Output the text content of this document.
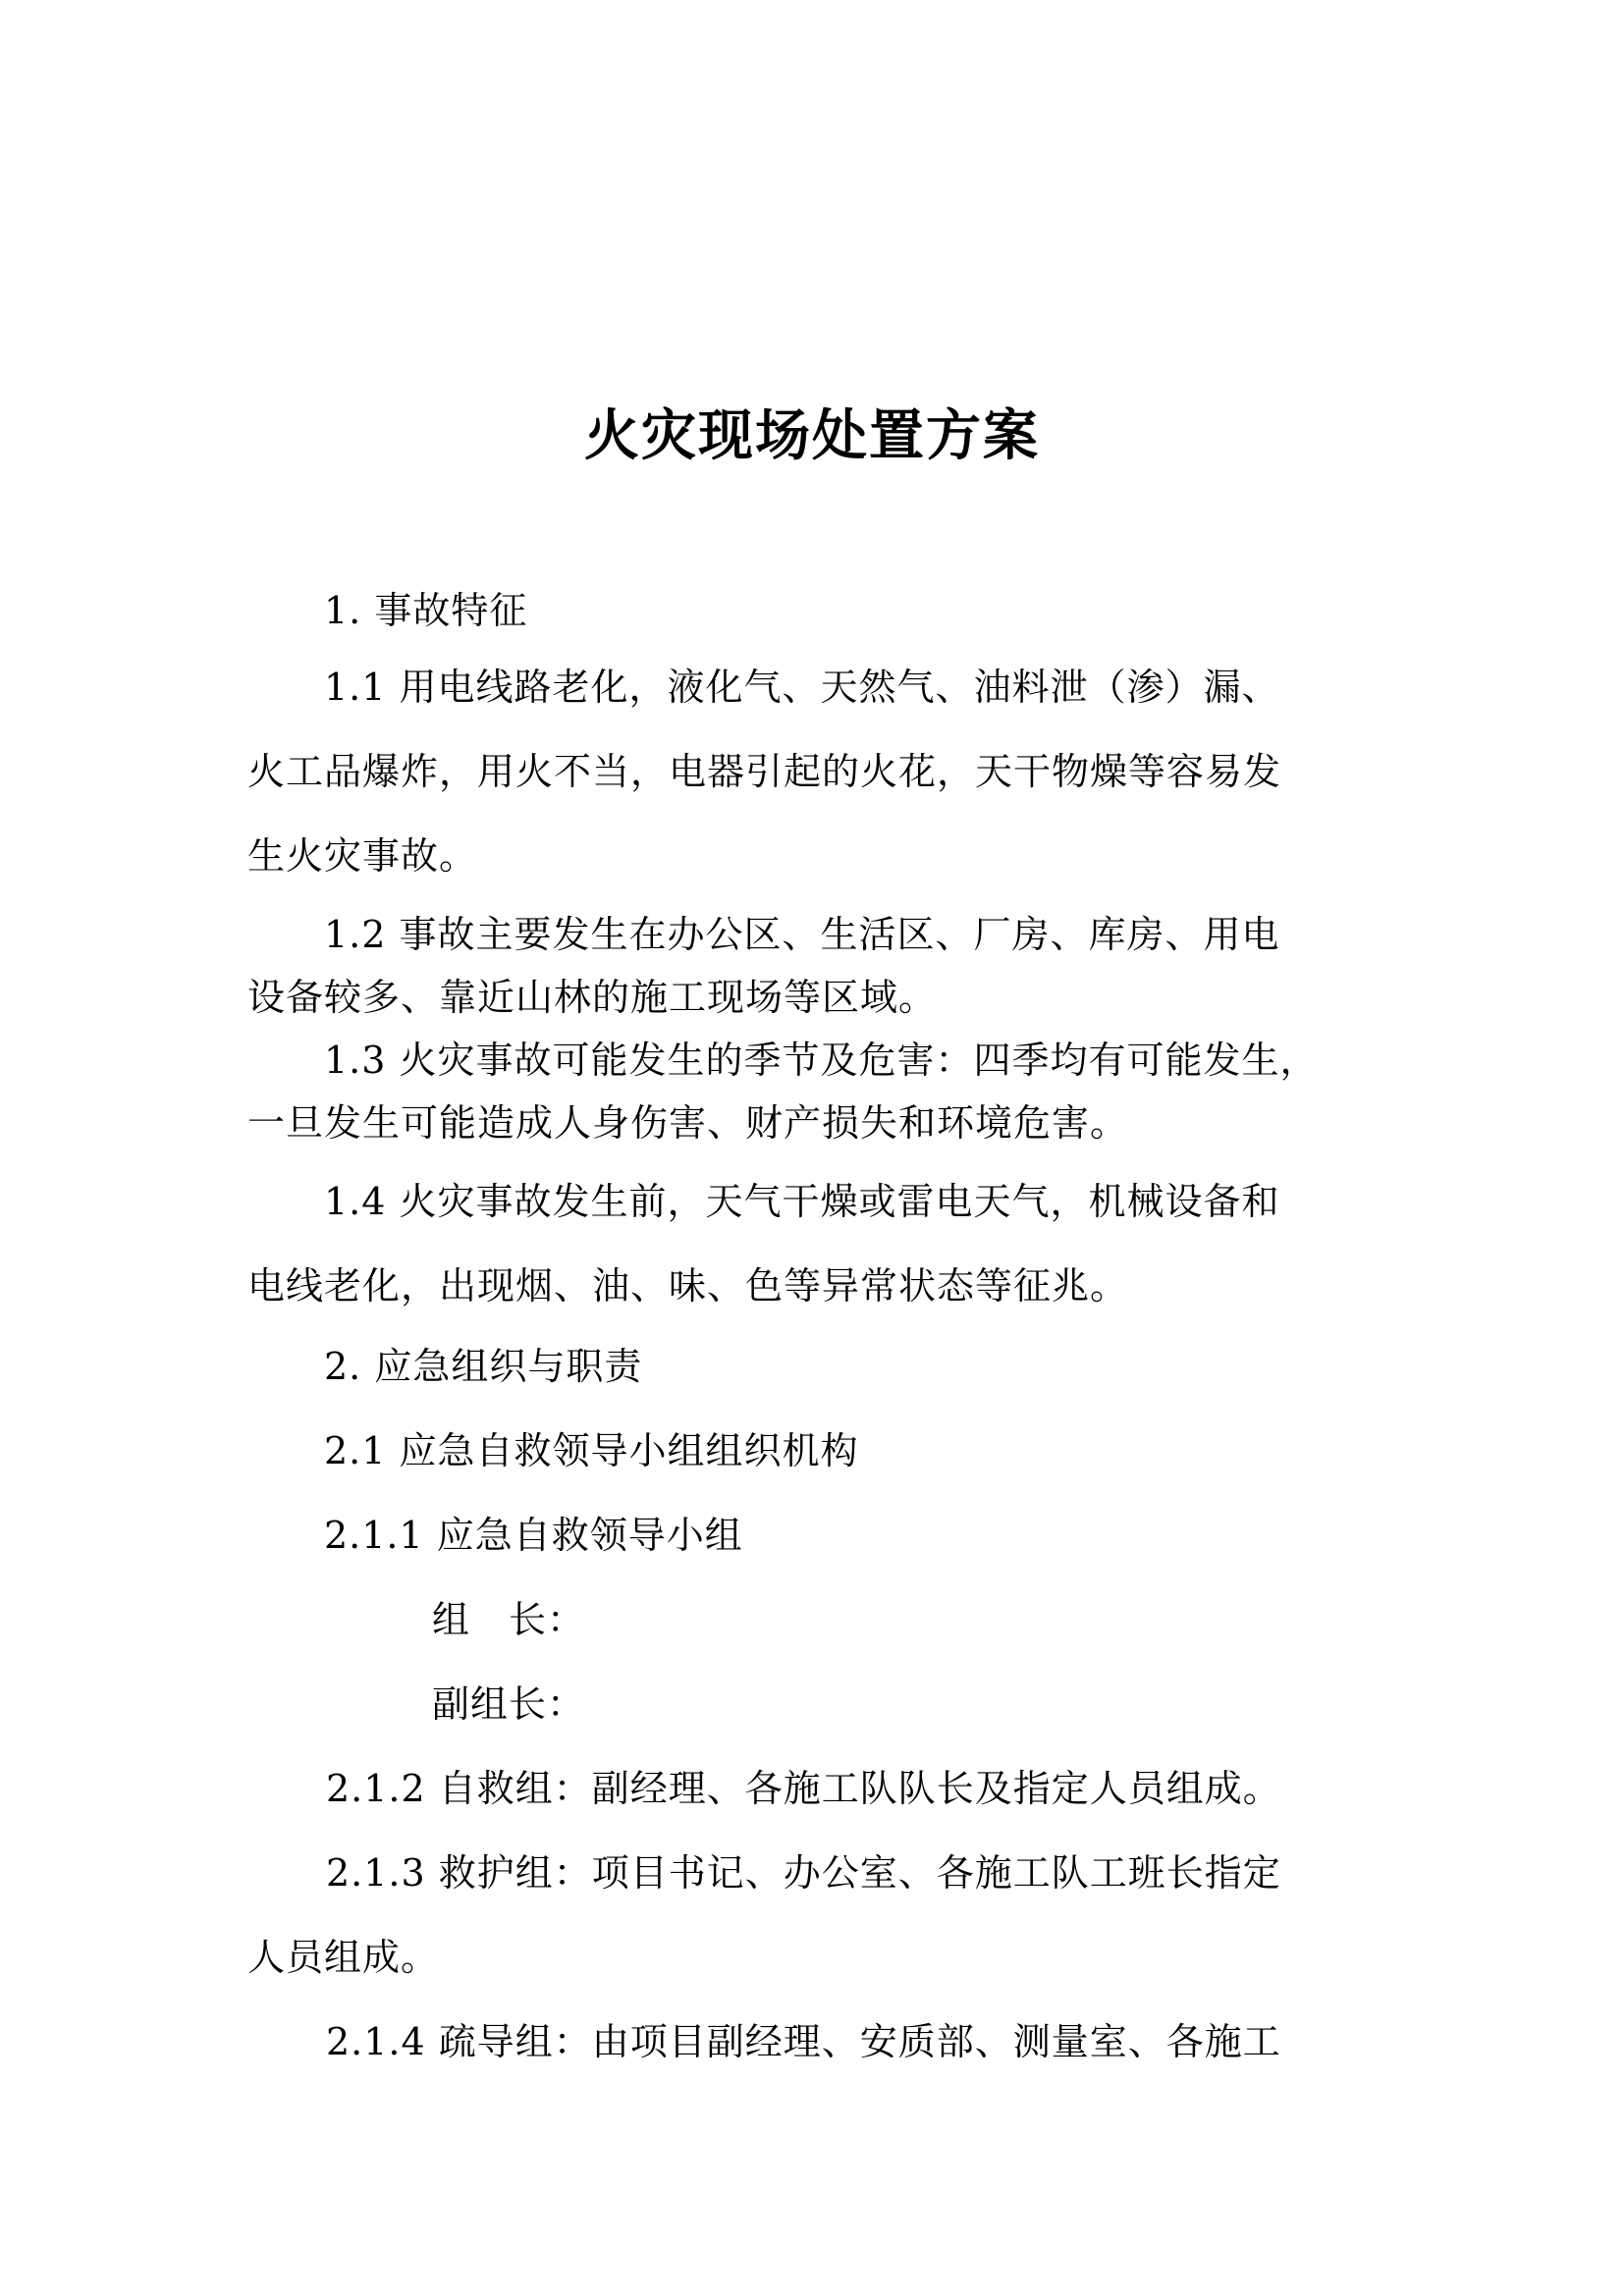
火灾现场处置方案
1. 事故特征
1.1 用电线路老化，液化气、天然气、油料泄（渗）漏、
火工品爆炸，用火不当，电器引起的火花，天干物燥等容易发
生火灾事故。
1.2 事故主要发生在办公区、生活区、厂房、库房、用电
设备较多、靠近山林的施工现场等区域。
1.3 火灾事故可能发生的季节及危害：四季均有可能发生，
一旦发生可能造成人身伤害、财产损失和环境危害。
1.4 火灾事故发生前，天气干燥或雷电天气，机械设备和
电线老化，出现烟、油、味、色等异常状态等征兆。
2. 应急组织与职责
2.1 应急自救领导小组组织机构
2.1.1 应急自救领导小组
组　长：
副组长：
2.1.2 自救组：副经理、各施工队队长及指定人员组成。
2.1.3 救护组：项目书记、办公室、各施工队工班长指定
人员组成。
2.1.4 疏导组：由项目副经理、安质部、测量室、各施工
